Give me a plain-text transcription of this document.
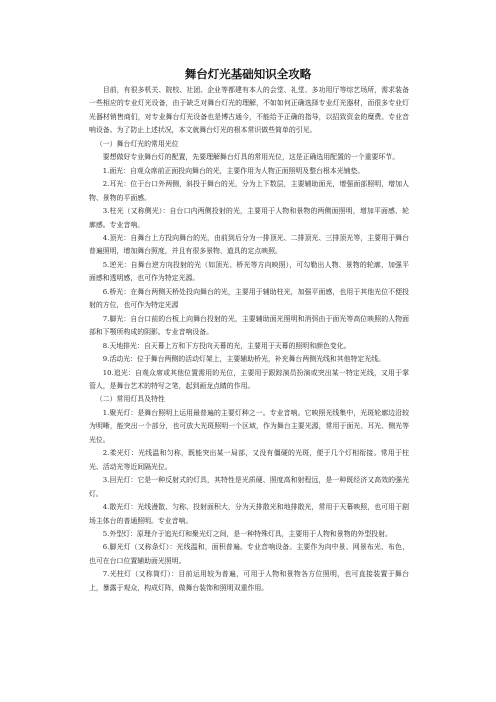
舞台灯光基础知识全攻略

目前，有很多机关、院校、社团、企业等都建有本人的会堂、礼堂、多功用厅等综艺场所，需求装备一些相应的专业灯光设备，由于缺乏对舞台灯光的理解，不如如何正确选择专业灯光器材，而很多专业灯光器材销售商们，对专业舞台灯光设备也是博古通今，不能给予正确的指导，以招致资金的糜费。专业音响设备。为了防止上述状况，本文就舞台灯光的根本常识做些简单的引见。

（一）舞台灯光的常用光位

要想做好专业舞台灯的配置，先要理解舞台灯具的常用光位，这是正确选用配置的一个重要环节。

1.面光：自观众席前正面投向舞台的光，主要作用为人物正面照明及整台根本光铺垫。

2.耳光：位于台口外两侧，斜投于舞台的光，分为上下数层，主要辅助面光，增强面部照明，增加人物、景物的平面感。

3.柱光（又称侧光）：自台口内两侧投射的光，主要用于人物和景物的两侧面照明，增加平面感、轮廓感。专业音响。

4.顶光：自舞台上方投向舞台的光，由前到后分为一排顶光、二排顶光、三排顶光等，主要用于舞台普遍照明，增加舞台照度，并且有很多景物、道具的定点映照。

5.逆光：自舞台逆方向投射的光（如顶光、桥光等方向映照），可勾勒出人物、景物的轮廓，加强平面感和透明感，也可作为特定光源。

6.桥光：在舞台两侧天桥处投向舞台的光，主要用于辅助柱光，加强平面感，也用于其他光位不便投射的方位，也可作为特定光源

7.脚光：自台口前的台板上向舞台投射的光，主要辅助面光照明和消弭由于面光等高位映照的人物面部和下颚所构成的阴影。专业音响设备。

8.天地排光：自天幕上方和下方投向天幕的光，主要用于天幕的照明和颜色变化。

9.活动光：位于舞台两侧的活动灯架上，主要辅助桥光，补充舞台两侧光线和其他特定光线。

10.追光：自观众席或其他位置需用的光位，主要用于跟踪演员扮演或突出某一特定光线，又用于掌管人，是舞台艺术的特写之笔，起到画龙点睛的作用。

（二）常用灯具及特性

1.聚光灯：是舞台照明上运用最普遍的主要灯种之一。专业音响。它映照光线集中，光斑轮廓边沿较为明晰，能突出一个部分，也可放大光斑照明一个区域，作为舞台主要光源，常用于面光、耳光、侧光等光位。

2.柔光灯：光线温和匀称，既能突出某一局部，又没有僵硬的光斑，便于几个灯相衔接。常用于柱光、活动光等近间隔光位。

3.回光灯：它是一种反射式的灯具，其特性是光质硬、照度高和射程远，是一种既经济又高效的强光灯。

4.散光灯：光线漫散、匀称、投射面积大，分为天排散光和地排散光，常用于天幕映照，也可用于剧场主体台的普通照明。专业音响。

5.外型灯：原理介于追光灯和聚光灯之间，是一种特殊灯具，主要用于人物和景物的外型投射。

6.脚光灯（又称条灯）：光线温和，面积普遍。专业音响设备。主要作为向中景、网景布光、布色，也可在台口位置辅助面光照明。

7.光柱灯（又称筒灯）：目前运用较为普遍，可用于人物和景物各方位照明，也可直接装置于舞台上，暴露于观众，构成灯阵，做舞台装饰和照明双重作用。
